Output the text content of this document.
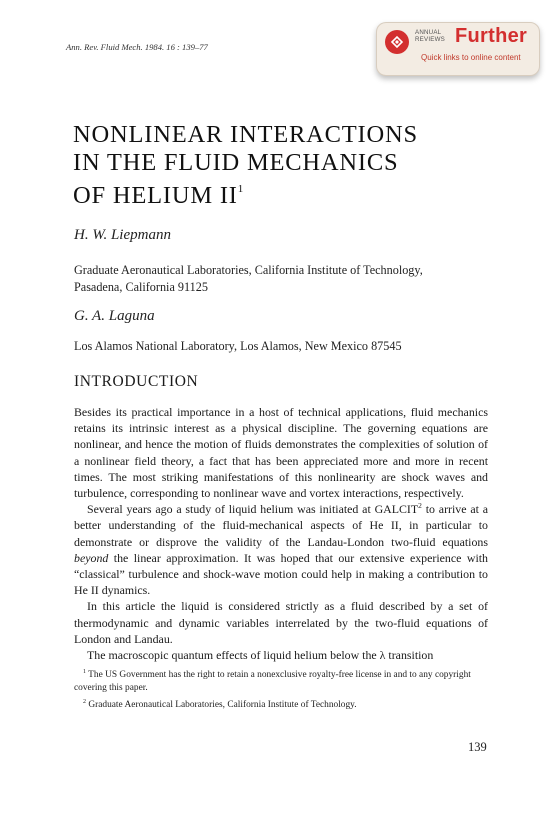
Ann. Rev. Fluid Mech. 1984. 16 : 139–77
ANNUAL
REVIEWS Further
Quick links to online content
NONLINEAR INTERACTIONS
IN THE FLUID MECHANICS
OF HELIUM $II^1$
H. W. Liepmann
Graduate Aeronautical Laboratories, California Institute of Technology,
Pasadena, California 91125
G. A. Laguna
Los Alamos National Laboratory, Los Alamos, New Mexico 87545
INTRODUCTION

Besides its practical importance in a host of technical applications, fluid mechanics retains its intrinsic interest as a physical discipline. The governing equations are nonlinear, and hence the motion of fluids demonstrates the complexities of solution of a nonlinear field theory, a fact that has been appreciated more and more in recent times. The most striking manifestations of this nonlinearity are shock waves and turbulence, corresponding to nonlinear wave and vortex interactions, respectively.

Several years ago a study of liquid helium was initiated at GALCIT$^2$ to arrive at a better understanding of the fluid-mechanical aspects of He II, in particular to demonstrate or disprove the validity of the Landau-London two-fluid equations beyond the linear approximation. It was hoped that our extensive experience with “classical” turbulence and shock-wave motion could help in making a contribution to He II dynamics.

In this article the liquid is considered strictly as a fluid described by a set of thermodynamic and dynamic variables interrelated by the two-fluid equations of London and Landau.

The macroscopic quantum effects of liquid helium below the λ transition

$^1$ The US Government has the right to retain a nonexclusive royalty-free license in and to any copyright covering this paper.

$^2$ Graduate Aeronautical Laboratories, California Institute of Technology.

139
